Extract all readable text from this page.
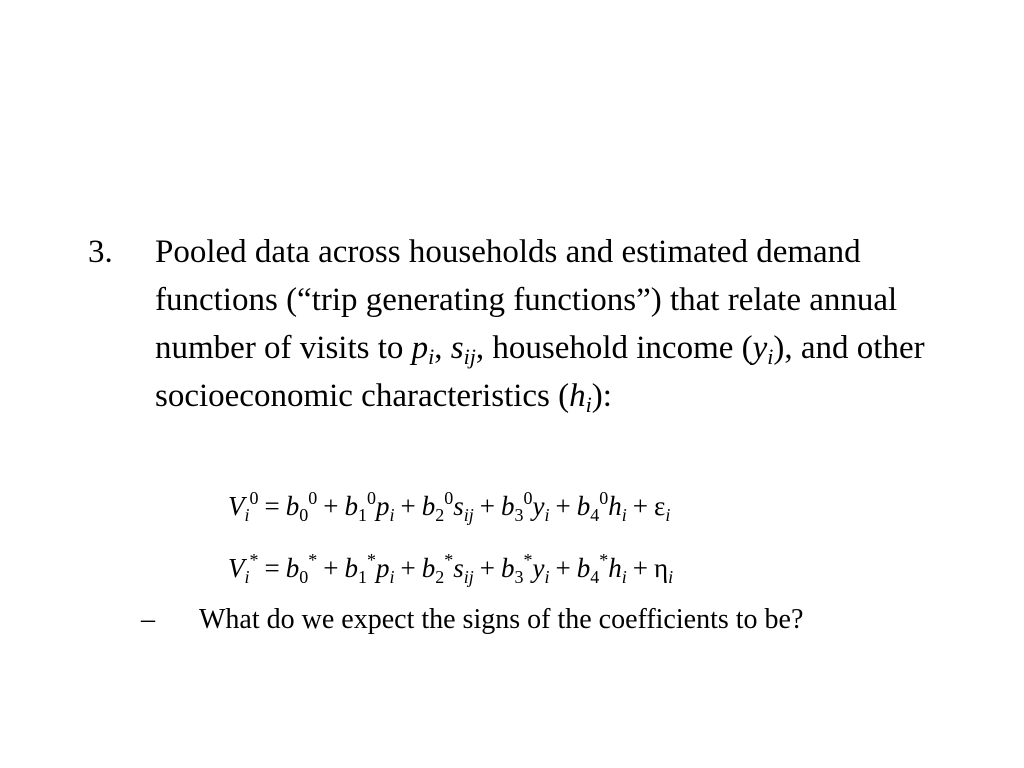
3. Pooled data across households and estimated demand functions (“trip generating functions”) that relate annual number of visits to $p_i$, $s_{ij}$, household income $(y_i)$, and other socioeconomic characteristics $(h_i)$:
$V_i^0 = b_0^0 + b_1^0p_i + b_2^0s_{ij} + b_3^0y_i + b_4^0h_i + \varepsilon_i$
$V_i^* = b_0^* + b_1^*p_i + b_2^*s_{ij} + b_3^*y_i + b_4^*h_i + \eta_i$
– What do we expect the signs of the coefficients to be?
